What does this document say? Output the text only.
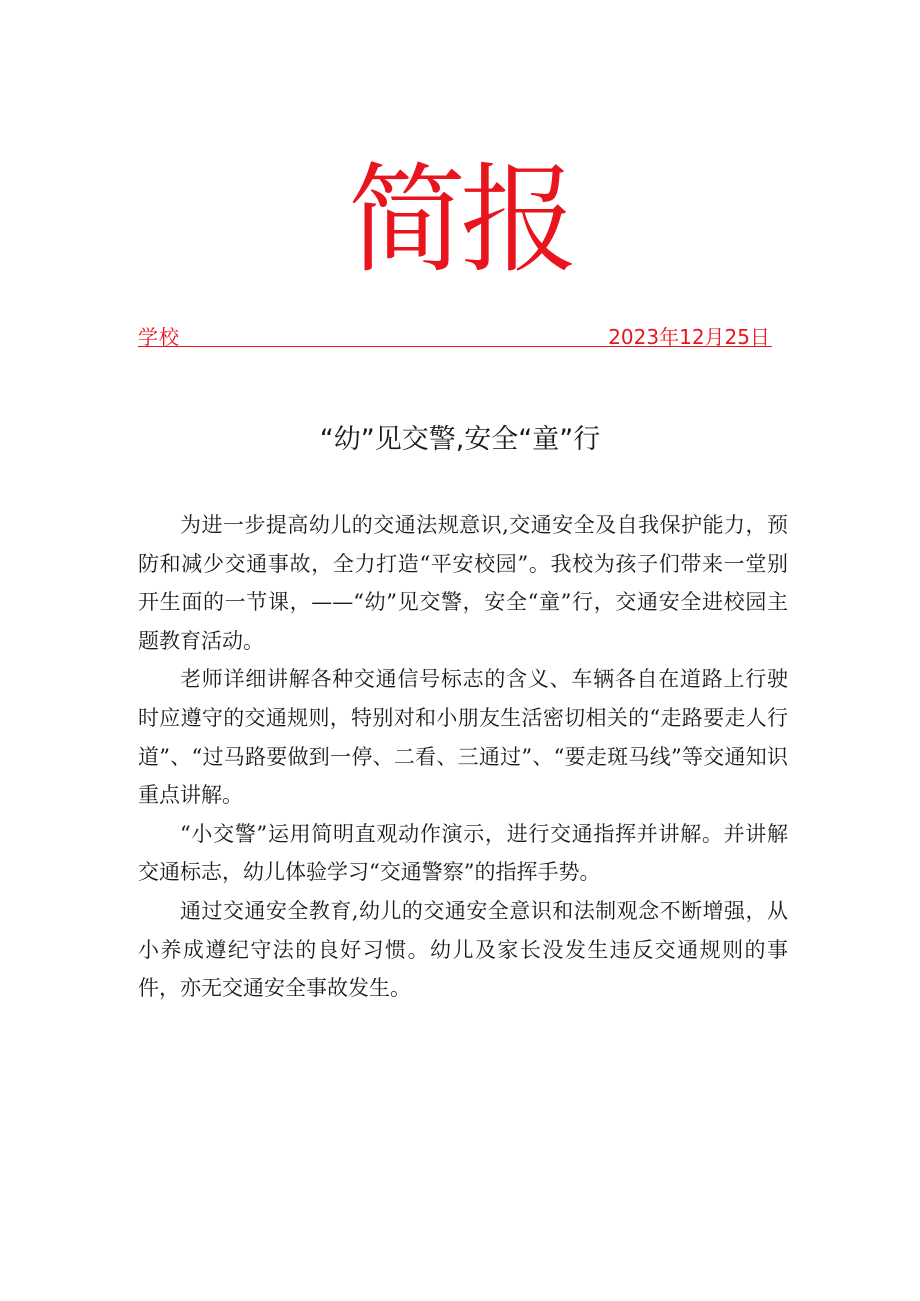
简报
学校	2023年12月25日
“幼”见交警,安全“童”行

为进一步提高幼儿的交通法规意识,交通安全及自我保护能力，预防和减少交通事故，全力打造“平安校园”。我校为孩子们带来一堂别开生面的一节课，——“幼”见交警，安全“童”行，交通安全进校园主题教育活动。

老师详细讲解各种交通信号标志的含义、车辆各自在道路上行驶时应遵守的交通规则，特别对和小朋友生活密切相关的“走路要走人行道”、“过马路要做到一停、二看、三通过”、“要走斑马线”等交通知识重点讲解。

“小交警”运用简明直观动作演示，进行交通指挥并讲解。并讲解交通标志，幼儿体验学习“交通警察”的指挥手势。

通过交通安全教育,幼儿的交通安全意识和法制观念不断增强，从小养成遵纪守法的良好习惯。幼儿及家长没发生违反交通规则的事件，亦无交通安全事故发生。
